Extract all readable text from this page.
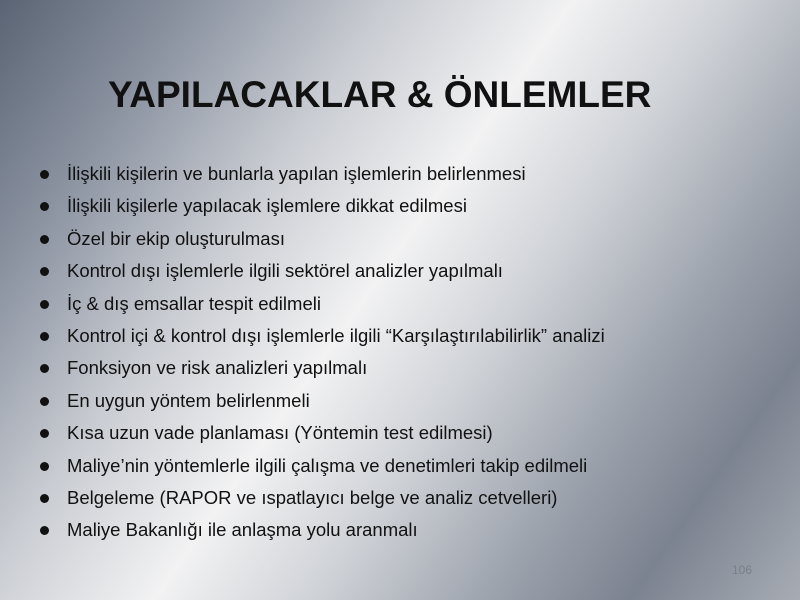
YAPILACAKLAR & ÖNLEMLER
İlişkili kişilerin ve bunlarla yapılan işlemlerin belirlenmesi
İlişkili kişilerle yapılacak işlemlere dikkat edilmesi
Özel bir ekip oluşturulması
Kontrol dışı işlemlerle ilgili sektörel analizler yapılmalı
İç & dış emsallar tespit edilmeli
Kontrol içi & kontrol dışı işlemlerle ilgili “Karşılaştırılabilirlik” analizi
Fonksiyon ve risk analizleri yapılmalı
En uygun yöntem belirlenmeli
Kısa uzun vade planlaması (Yöntemin test edilmesi)
Maliye’nin yöntemlerle ilgili çalışma ve denetimleri takip edilmeli
Belgeleme (RAPOR ve ıspatlayıcı belge ve analiz cetvelleri)
Maliye Bakanlığı ile anlaşma yolu aranmalı
106
